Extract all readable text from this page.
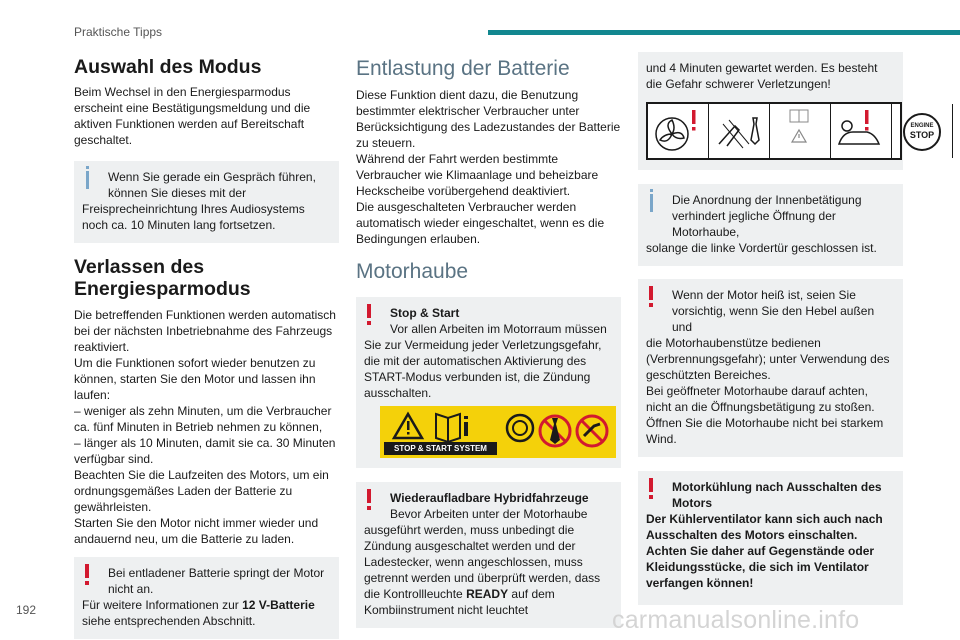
Praktische Tipps
Auswahl des Modus

Beim Wechsel in den Energiesparmodus erscheint eine Bestätigungsmeldung und die aktiven Funktionen werden auf Bereitschaft geschaltet.

Wenn Sie gerade ein Gespräch führen, können Sie dieses mit der

Freisprecheinrichtung Ihres Audiosystems noch ca. 10 Minuten lang fortsetzen.

Verlassen des Energiesparmodus

Die betreffenden Funktionen werden automatisch bei der nächsten Inbetriebnahme des Fahrzeugs reaktiviert.
Um die Funktionen sofort wieder benutzen zu können, starten Sie den Motor und lassen ihn laufen:
– weniger als zehn Minuten, um die Verbraucher ca. fünf Minuten in Betrieb nehmen zu können,
– länger als 10 Minuten, damit sie ca. 30 Minuten verfügbar sind.
Beachten Sie die Laufzeiten des Motors, um ein ordnungsgemäßes Laden der Batterie zu gewährleisten.
Starten Sie den Motor nicht immer wieder und andauernd neu, um die Batterie zu laden.

Bei entladener Batterie springt der Motor nicht an.

Für weitere Informationen zur 12 V-Batterie siehe entsprechenden Abschnitt.

Entlastung der Batterie

Diese Funktion dient dazu, die Benutzung bestimmter elektrischer Verbraucher unter Berücksichtigung des Ladezustandes der Batterie zu steuern.
Während der Fahrt werden bestimmte Verbraucher wie Klimaanlage und beheizbare Heckscheibe vorübergehend deaktiviert.
Die ausgeschalteten Verbraucher werden automatisch wieder eingeschaltet, wenn es die Bedingungen erlauben.

Motorhaube

Stop & Start

Vor allen Arbeiten im Motorraum müssen

Sie zur Vermeidung jeder Verletzungsgefahr, die mit der automatischen Aktivierung des START-Modus verbunden ist, die Zündung ausschalten.

STOP & START SYSTEM

Wiederaufladbare Hybridfahrzeuge

Bevor Arbeiten unter der Motorhaube

ausgeführt werden, muss unbedingt die Zündung ausgeschaltet werden und der Ladestecker, wenn angeschlossen, muss getrennt werden und überprüft werden, dass die Kontrollleuchte READY auf dem Kombiinstrument nicht leuchtet

und 4 Minuten gewartet werden. Es besteht die Gefahr schwerer Verletzungen!

ENGINE
STOP

Die Anordnung der Innenbetätigung verhindert jegliche Öffnung der Motorhaube,

solange die linke Vordertür geschlossen ist.

Wenn der Motor heiß ist, seien Sie vorsichtig, wenn Sie den Hebel außen und

die Motorhaubenstütze bedienen (Verbrennungsgefahr); unter Verwendung des geschützten Bereiches.
Bei geöffneter Motorhaube darauf achten, nicht an die Öffnungsbetätigung zu stoßen.
Öffnen Sie die Motorhaube nicht bei starkem Wind.

Motorkühlung nach Ausschalten des Motors

Der Kühlerventilator kann sich auch nach Ausschalten des Motors einschalten.
Achten Sie daher auf Gegenstände oder Kleidungsstücke, die sich im Ventilator verfangen können!

192	carmanualsonline.info
